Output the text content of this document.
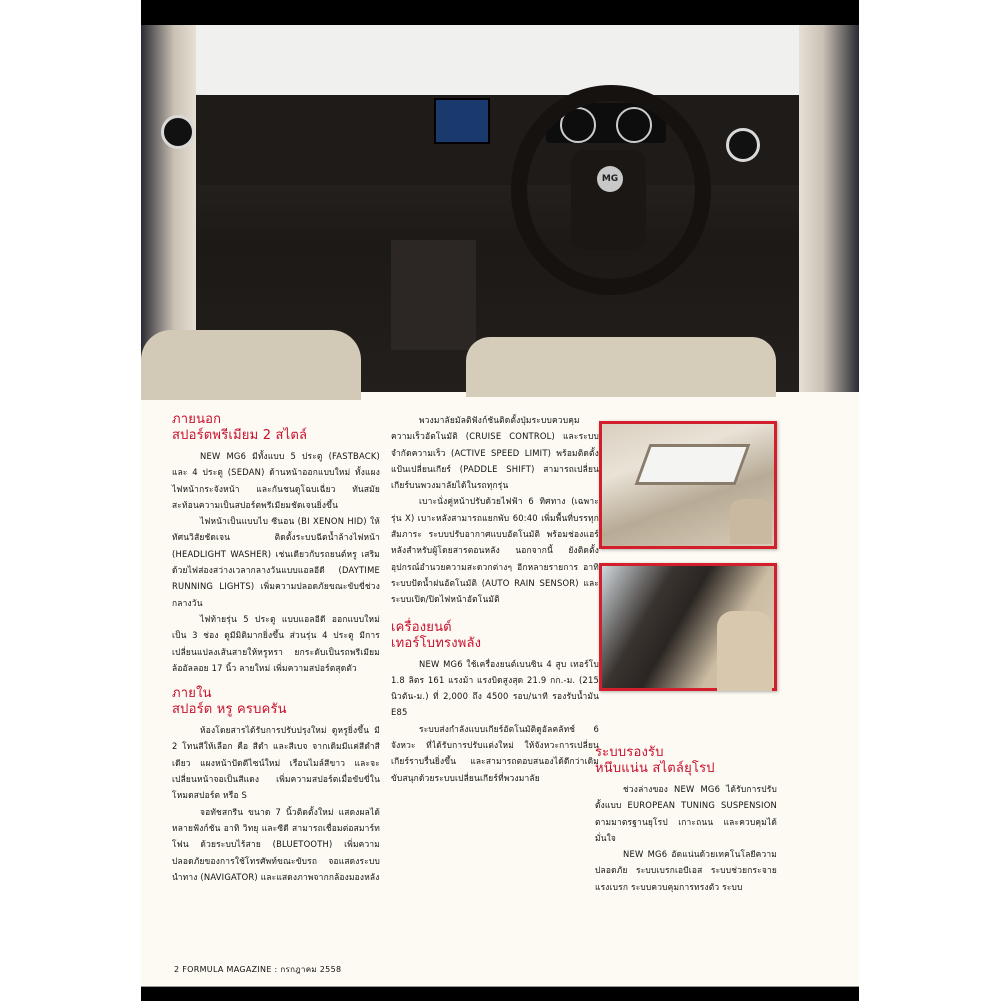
MG
ภายนอก
สปอร์ตพรีเมียม 2 สไตล์

NEW MG6 มีทั้งแบบ 5 ประตู (FASTBACK) และ 4 ประตู (SEDAN) ด้านหน้าออกแบบใหม่ ทั้งแผงไฟหน้ากระจังหน้า และกันชนดูโฉบเฉี่ยว ทันสมัย สะท้อนความเป็นสปอร์ตพรีเมียมชัดเจนยิ่งขึ้น

ไฟหน้าเป็นแบบไบ ซีนอน (BI XENON HID) ให้ทัศนวิสัยชัดเจน ติดตั้งระบบฉีดน้ำล้างไฟหน้า (HEADLIGHT WASHER) เช่นเดียวกับรถยนต์หรู เสริมด้วยไฟส่องสว่างเวลากลางวันแบบแอลอีดี (DAYTIME RUNNING LIGHTS) เพิ่มความปลอดภัยขณะขับขี่ช่วงกลางวัน

ไฟท้ายรุ่น 5 ประตู แบบแอลอีดี ออกแบบใหม่เป็น 3 ช่อง ดูมีมิติมากยิ่งขึ้น ส่วนรุ่น 4 ประตู มีการเปลี่ยนแปลงเส้นสายให้หรูหรา ยกระดับเป็นรถพรีเมียม ล้ออัลลอย 17 นิ้ว ลายใหม่ เพิ่มความสปอร์ตสุดตัว

ภายใน
สปอร์ต หรู ครบครัน

ห้องโดยสารได้รับการปรับปรุงใหม่ ดูหรูยิ่งขึ้น มี 2 โทนสีให้เลือก คือ สีดำ และสีเบจ จากเดิมมีแค่สีดำสีเดียว แผงหน้าปัดดีไซน์ใหม่ เรือนไมล์สีขาว และจะเปลี่ยนหน้าจอเป็นสีแดง เพิ่มความสปอร์ตเมื่อขับขี่ในโหมดสปอร์ต หรือ S

จอทัชสกรีน ขนาด 7 นิ้วติดตั้งใหม่ แสดงผลได้หลายฟังก์ชัน อาทิ วิทยุ และซีดี สามารถเชื่อมต่อสมาร์ทโฟน ด้วยระบบไร้สาย (BLUETOOTH) เพิ่มความปลอดภัยของการใช้โทรศัพท์ขณะขับรถ จอแสดงระบบนำทาง (NAVIGATOR) และแสดงภาพจากกล้องมองหลัง

พวงมาลัยมัลติฟังก์ชันติดตั้งปุ่มระบบควบคุมความเร็วอัตโนมัติ (CRUISE CONTROL) และระบบจำกัดความเร็ว (ACTIVE SPEED LIMIT) พร้อมติดตั้งแป้นเปลี่ยนเกียร์ (PADDLE SHIFT) สามารถเปลี่ยนเกียร์บนพวงมาลัยได้ในรถทุกรุ่น

เบาะนั่งคู่หน้าปรับด้วยไฟฟ้า 6 ทิศทาง (เฉพาะรุ่น X) เบาะหลังสามารถแยกพับ 60:40 เพิ่มพื้นที่บรรทุกสัมภาระ ระบบปรับอากาศแบบอัตโนมัติ พร้อมช่องแอร์หลังสำหรับผู้โดยสารตอนหลัง นอกจากนี้ ยังติดตั้งอุปกรณ์อำนวยความสะดวกต่างๆ อีกหลายรายการ อาทิ ระบบปัดน้ำฝนอัตโนมัติ (AUTO RAIN SENSOR) และระบบเปิด/ปิดไฟหน้าอัตโนมัติ

เครื่องยนต์
เทอร์โบทรงพลัง

NEW MG6 ใช้เครื่องยนต์เบนซิน 4 สูบ เทอร์โบ 1.8 ลิตร 161 แรงม้า แรงบิดสูงสุด 21.9 กก.-ม. (215 นิวตัน-ม.) ที่ 2,000 ถึง 4500 รอบ/นาที รองรับน้ำมัน E85

ระบบส่งกำลังแบบเกียร์อัตโนมัติดูอัลคลัทช์ 6 จังหวะ ที่ได้รับการปรับแต่งใหม่ ให้จังหวะการเปลี่ยนเกียร์ราบรื่นยิ่งขึ้น และสามารถตอบสนองได้ดีกว่าเดิม ขับสนุกด้วยระบบเปลี่ยนเกียร์ที่พวงมาลัย

ระบบรองรับ
หนึบแน่น สไตล์ยุโรป

ช่วงล่างของ NEW MG6 ได้รับการปรับตั้งแบบ EUROPEAN TUNING SUSPENSION ตามมาตรฐานยุโรป เกาะถนน และควบคุมได้มั่นใจ

NEW MG6 อัดแน่นด้วยเทคโนโลยีความปลอดภัย ระบบเบรกเอบีเอส ระบบช่วยกระจายแรงเบรก ระบบควบคุมการทรงตัว ระบบ

2 FORMULA MAGAZINE : กรกฎาคม 2558
